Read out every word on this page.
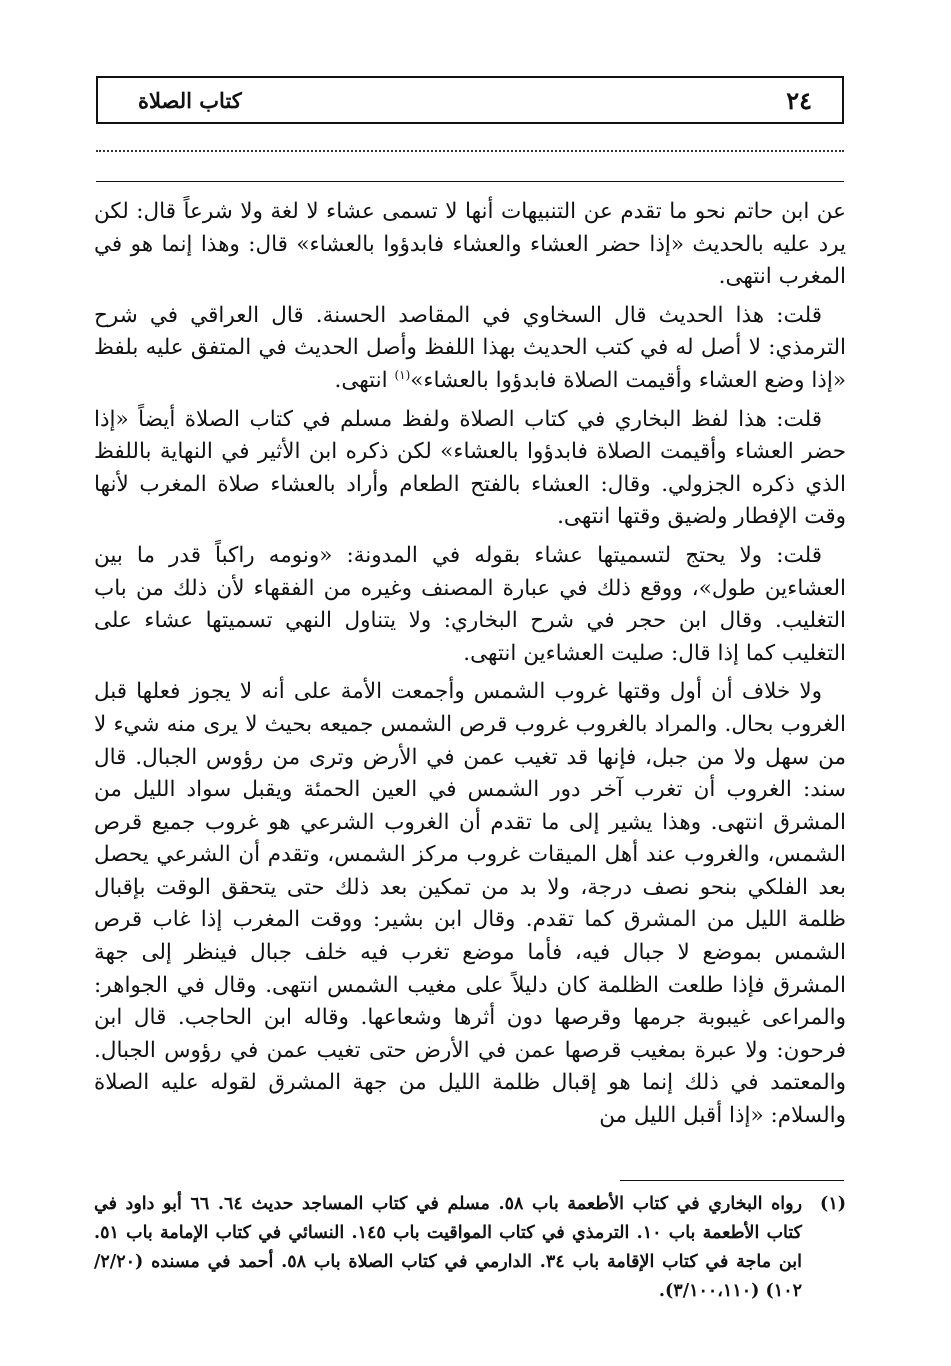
كتاب الصلاة	٢٤

عن ابن حاتم نحو ما تقدم عن التنبيهات أنها لا تسمى عشاء لا لغة ولا شرعاً قال: لكن يرد عليه بالحديث «إذا حضر العشاء والعشاء فابدؤوا بالعشاء» قال: وهذا إنما هو في المغرب انتهى.

قلت: هذا الحديث قال السخاوي في المقاصد الحسنة. قال العراقي في شرح الترمذي: لا أصل له في كتب الحديث بهذا اللفظ وأصل الحديث في المتفق عليه بلفظ «إذا وضع العشاء وأقيمت الصلاة فابدؤوا بالعشاء»$^{(١)}$ انتهى.

قلت: هذا لفظ البخاري في كتاب الصلاة ولفظ مسلم في كتاب الصلاة أيضاً «إذا حضر العشاء وأقيمت الصلاة فابدؤوا بالعشاء» لكن ذكره ابن الأثير في النهاية باللفظ الذي ذكره الجزولي. وقال: العشاء بالفتح الطعام وأراد بالعشاء صلاة المغرب لأنها وقت الإفطار ولضيق وقتها انتهى.

قلت: ولا يحتج لتسميتها عشاء بقوله في المدونة: «ونومه راكباً قدر ما بين العشاءين طول»، ووقع ذلك في عبارة المصنف وغيره من الفقهاء لأن ذلك من باب التغليب. وقال ابن حجر في شرح البخاري: ولا يتناول النهي تسميتها عشاء على التغليب كما إذا قال: صليت العشاءين انتهى.

ولا خلاف أن أول وقتها غروب الشمس وأجمعت الأمة على أنه لا يجوز فعلها قبل الغروب بحال. والمراد بالغروب غروب قرص الشمس جميعه بحيث لا يرى منه شيء لا من سهل ولا من جبل، فإنها قد تغيب عمن في الأرض وترى من رؤوس الجبال. قال سند: الغروب أن تغرب آخر دور الشمس في العين الحمئة ويقبل سواد الليل من المشرق انتهى. وهذا يشير إلى ما تقدم أن الغروب الشرعي هو غروب جميع قرص الشمس، والغروب عند أهل الميقات غروب مركز الشمس، وتقدم أن الشرعي يحصل بعد الفلكي بنحو نصف درجة، ولا بد من تمكين بعد ذلك حتى يتحقق الوقت بإقبال ظلمة الليل من المشرق كما تقدم. وقال ابن بشير: ووقت المغرب إذا غاب قرص الشمس بموضع لا جبال فيه، فأما موضع تغرب فيه خلف جبال فينظر إلى جهة المشرق فإذا طلعت الظلمة كان دليلاً على مغيب الشمس انتهى. وقال في الجواهر: والمراعى غيبوبة جرمها وقرصها دون أثرها وشعاعها. وقاله ابن الحاجب. قال ابن فرحون: ولا عبرة بمغيب قرصها عمن في الأرض حتى تغيب عمن في رؤوس الجبال. والمعتمد في ذلك إنما هو إقبال ظلمة الليل من جهة المشرق لقوله عليه الصلاة والسلام: «إذا أقبل الليل من

(١)
رواه البخاري في كتاب الأطعمة باب ٥٨. مسلم في كتاب المساجد حديث ٦٤. ٦٦ أبو داود في كتاب الأطعمة باب ١٠. الترمذي في كتاب المواقيت باب ١٤٥. النسائي في كتاب الإمامة باب ٥١. ابن ماجة في كتاب الإقامة باب ٣٤. الدارمي في كتاب الصلاة باب ٥٨. أحمد في مسنده (٢/٢٠/ ١٠٢) (٣/١٠٠،١١٠).
